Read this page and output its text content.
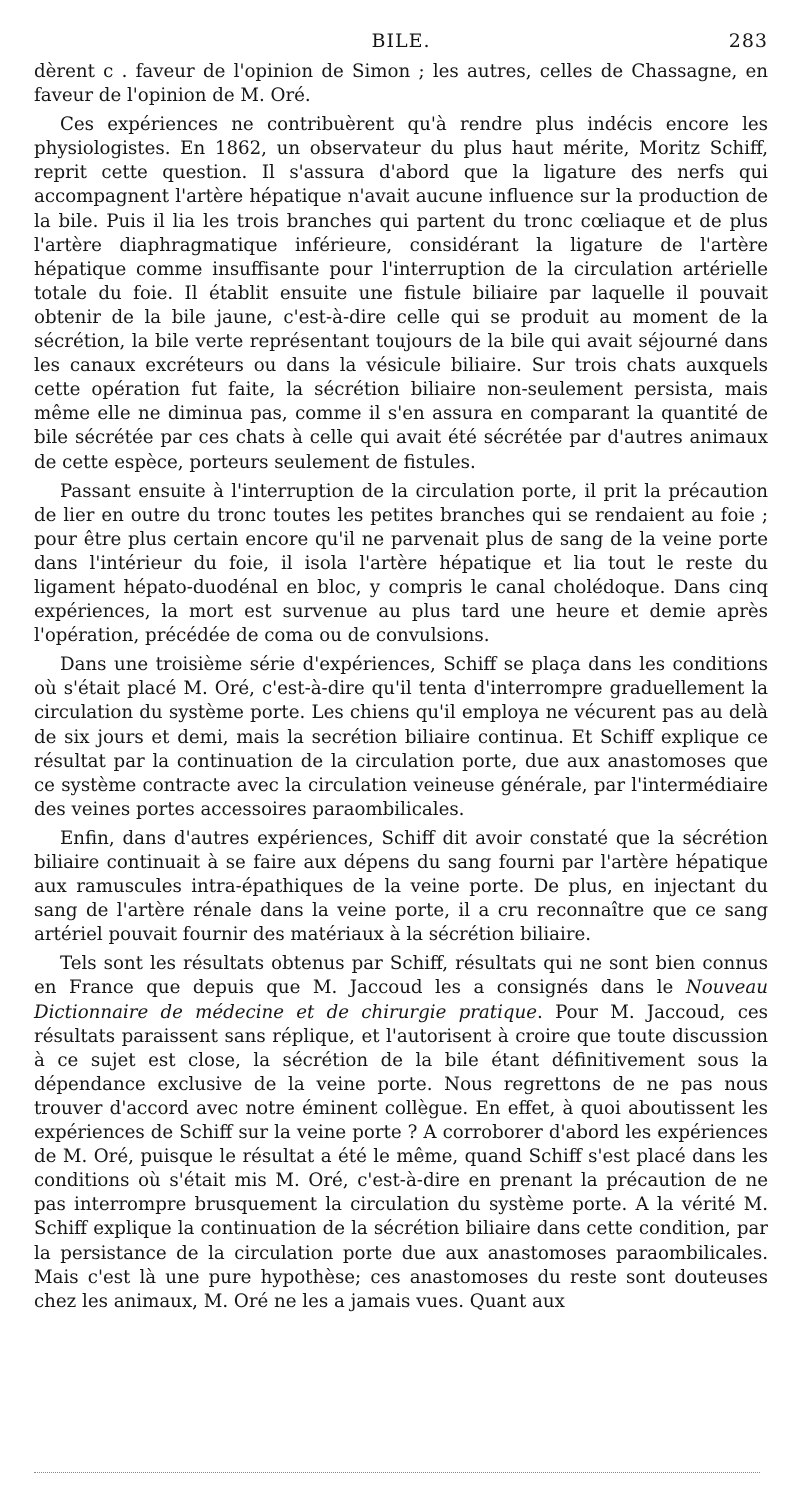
BILE.	283

dèrent c . faveur de l'opinion de Simon ; les autres, celles de Chassagne, en faveur de l'opinion de M. Oré.

Ces expériences ne contribuèrent qu'à rendre plus indécis encore les physiologistes. En 1862, un observateur du plus haut mérite, Moritz Schiff, reprit cette question. Il s'assura d'abord que la ligature des nerfs qui accompagnent l'artère hépatique n'avait aucune influence sur la production de la bile. Puis il lia les trois branches qui partent du tronc cœliaque et de plus l'artère diaphragmatique inférieure, considérant la ligature de l'artère hépatique comme insuffisante pour l'interruption de la circulation artérielle totale du foie. Il établit ensuite une fistule biliaire par laquelle il pouvait obtenir de la bile jaune, c'est-à-dire celle qui se produit au moment de la sécrétion, la bile verte représentant toujours de la bile qui avait séjourné dans les canaux excréteurs ou dans la vésicule biliaire. Sur trois chats auxquels cette opération fut faite, la sécrétion biliaire non-seulement persista, mais même elle ne diminua pas, comme il s'en assura en comparant la quantité de bile sécrétée par ces chats à celle qui avait été sécrétée par d'autres animaux de cette espèce, porteurs seulement de fistules.

Passant ensuite à l'interruption de la circulation porte, il prit la précaution de lier en outre du tronc toutes les petites branches qui se rendaient au foie ; pour être plus certain encore qu'il ne parvenait plus de sang de la veine porte dans l'intérieur du foie, il isola l'artère hépatique et lia tout le reste du ligament hépato-duodénal en bloc, y compris le canal cholédoque. Dans cinq expériences, la mort est survenue au plus tard une heure et demie après l'opération, précédée de coma ou de convulsions.

Dans une troisième série d'expériences, Schiff se plaça dans les conditions où s'était placé M. Oré, c'est-à-dire qu'il tenta d'interrompre graduellement la circulation du système porte. Les chiens qu'il employa ne vécurent pas au delà de six jours et demi, mais la secrétion biliaire continua. Et Schiff explique ce résultat par la continuation de la circulation porte, due aux anastomoses que ce système contracte avec la circulation veineuse générale, par l'intermédiaire des veines portes accessoires paraombilicales.

Enfin, dans d'autres expériences, Schiff dit avoir constaté que la sécrétion biliaire continuait à se faire aux dépens du sang fourni par l'artère hépatique aux ramuscules intra-épathiques de la veine porte. De plus, en injectant du sang de l'artère rénale dans la veine porte, il a cru reconnaître que ce sang artériel pouvait fournir des matériaux à la sécrétion biliaire.

Tels sont les résultats obtenus par Schiff, résultats qui ne sont bien connus en France que depuis que M. Jaccoud les a consignés dans le Nouveau Dictionnaire de médecine et de chirurgie pratique. Pour M. Jaccoud, ces résultats paraissent sans réplique, et l'autorisent à croire que toute discussion à ce sujet est close, la sécrétion de la bile étant définitivement sous la dépendance exclusive de la veine porte. Nous regrettons de ne pas nous trouver d'accord avec notre éminent collègue. En effet, à quoi aboutissent les expériences de Schiff sur la veine porte ? A corroborer d'abord les expériences de M. Oré, puisque le résultat a été le même, quand Schiff s'est placé dans les conditions où s'était mis M. Oré, c'est-à-dire en prenant la précaution de ne pas interrompre brusquement la circulation du système porte. A la vérité M. Schiff explique la continuation de la sécrétion biliaire dans cette condition, par la persistance de la circulation porte due aux anastomoses paraombilicales. Mais c'est là une pure hypothèse; ces anastomoses du reste sont douteuses chez les animaux, M. Oré ne les a jamais vues. Quant aux
